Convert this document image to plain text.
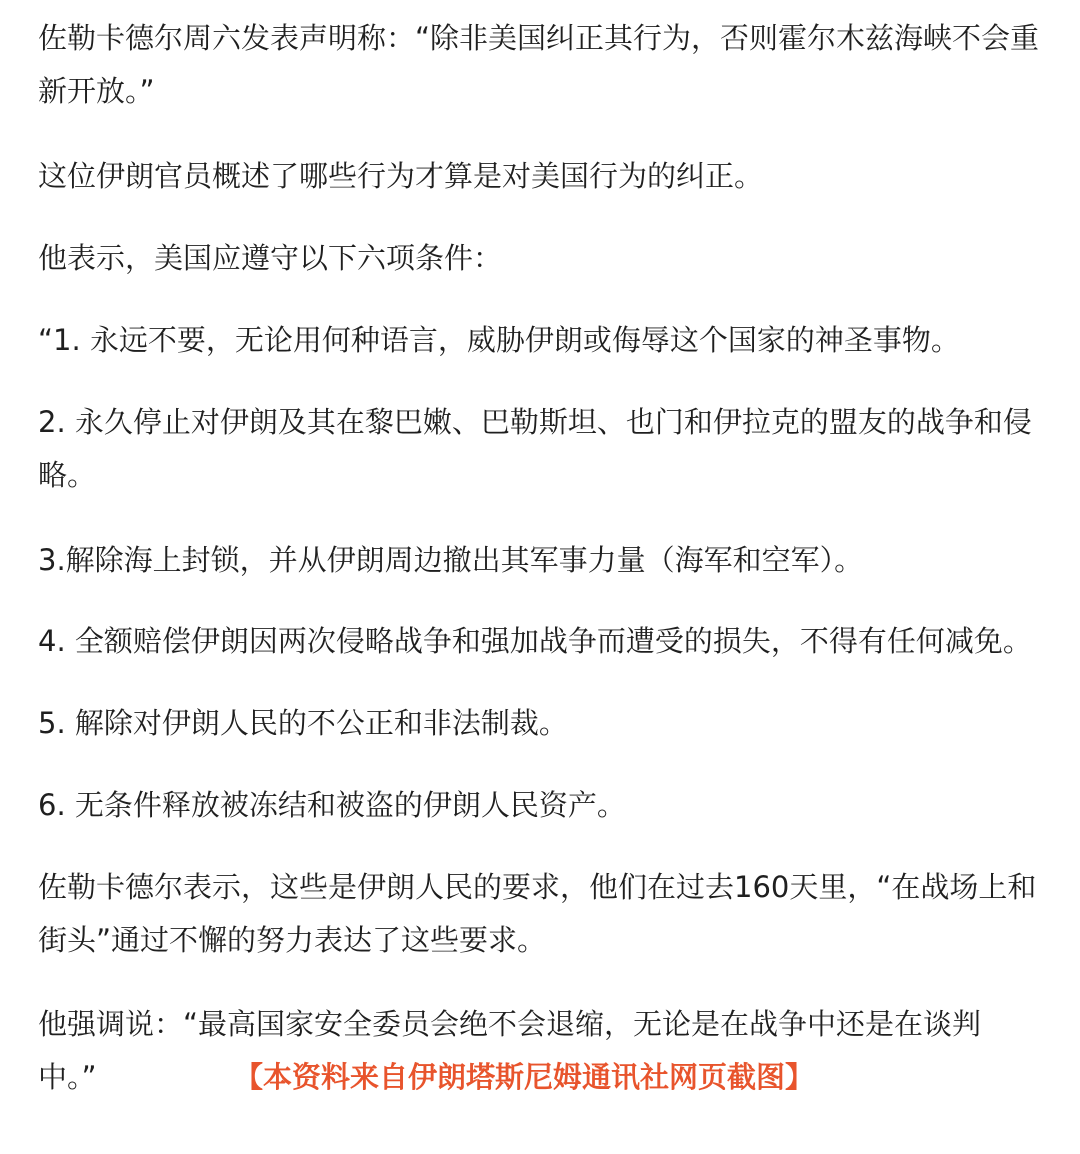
佐勒卡德尔周六发表声明称：“除非美国纠正其行为，否则霍尔木兹海峡不会重新开放。”

这位伊朗官员概述了哪些行为才算是对美国行为的纠正。

他表示，美国应遵守以下六项条件：

“1. 永远不要，无论用何种语言，威胁伊朗或侮辱这个国家的神圣事物。

2. 永久停止对伊朗及其在黎巴嫩、巴勒斯坦、也门和伊拉克的盟友的战争和侵略。

3.解除海上封锁，并从伊朗周边撤出其军事力量（海军和空军）。

4. 全额赔偿伊朗因两次侵略战争和强加战争而遭受的损失，不得有任何减免。

5. 解除对伊朗人民的不公正和非法制裁。

6. 无条件释放被冻结和被盗的伊朗人民资产。

佐勒卡德尔表示，这些是伊朗人民的要求，他们在过去160天里，“在战场上和街头”通过不懈的努力表达了这些要求。

他强调说：“最高国家安全委员会绝不会退缩，无论是在战争中还是在谈判中。”	【本资料来自伊朗塔斯尼姆通讯社网页截图】
